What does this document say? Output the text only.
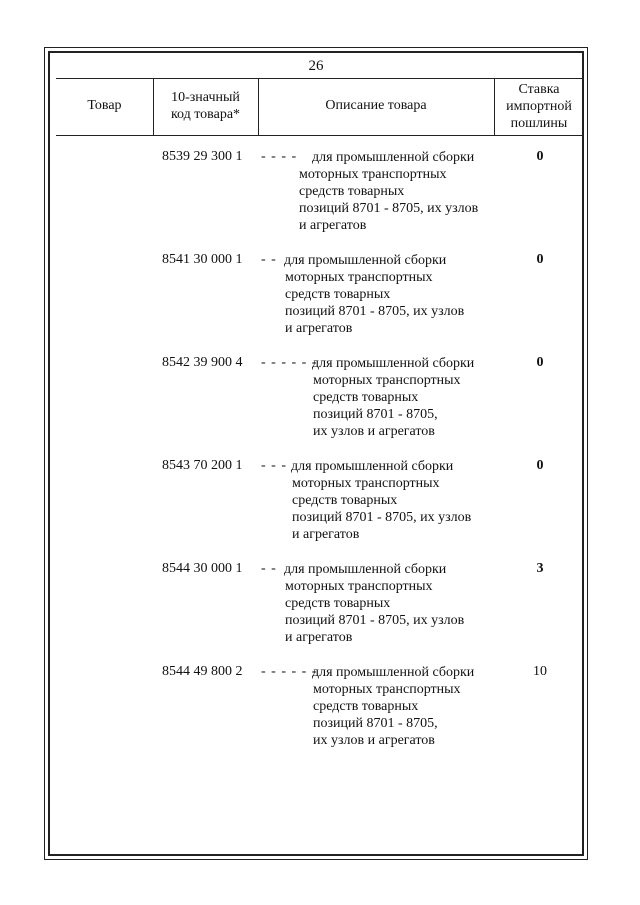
26
Товар
10-значный
код товара*
Описание товара
Ставка
импортной
пошлины
8539 29 300 1 - - - - для промышленной сборки
моторных транспортных
средств товарных
позиций 8701 - 8705, их узлов
и агрегатов
0
8541 30 000 1 - - для промышленной сборки
моторных транспортных
средств товарных
позиций 8701 - 8705, их узлов
и агрегатов
0
8542 39 900 4 - - - - - -
для промышленной сборки
моторных транспортных
средств товарных
позиций 8701 - 8705,
их узлов и агрегатов
0
8543 70 200 1 - - - для промышленной сборки
моторных транспортных
средств товарных
позиций 8701 - 8705, их узлов
и агрегатов
0
8544 30 000 1 - - для промышленной сборки
моторных транспортных
средств товарных
позиций 8701 - 8705, их узлов
и агрегатов
3
8544 49 800 2 - - - - - -
для промышленной сборки
моторных транспортных
средств товарных
позиций 8701 - 8705,
их узлов и агрегатов
10
